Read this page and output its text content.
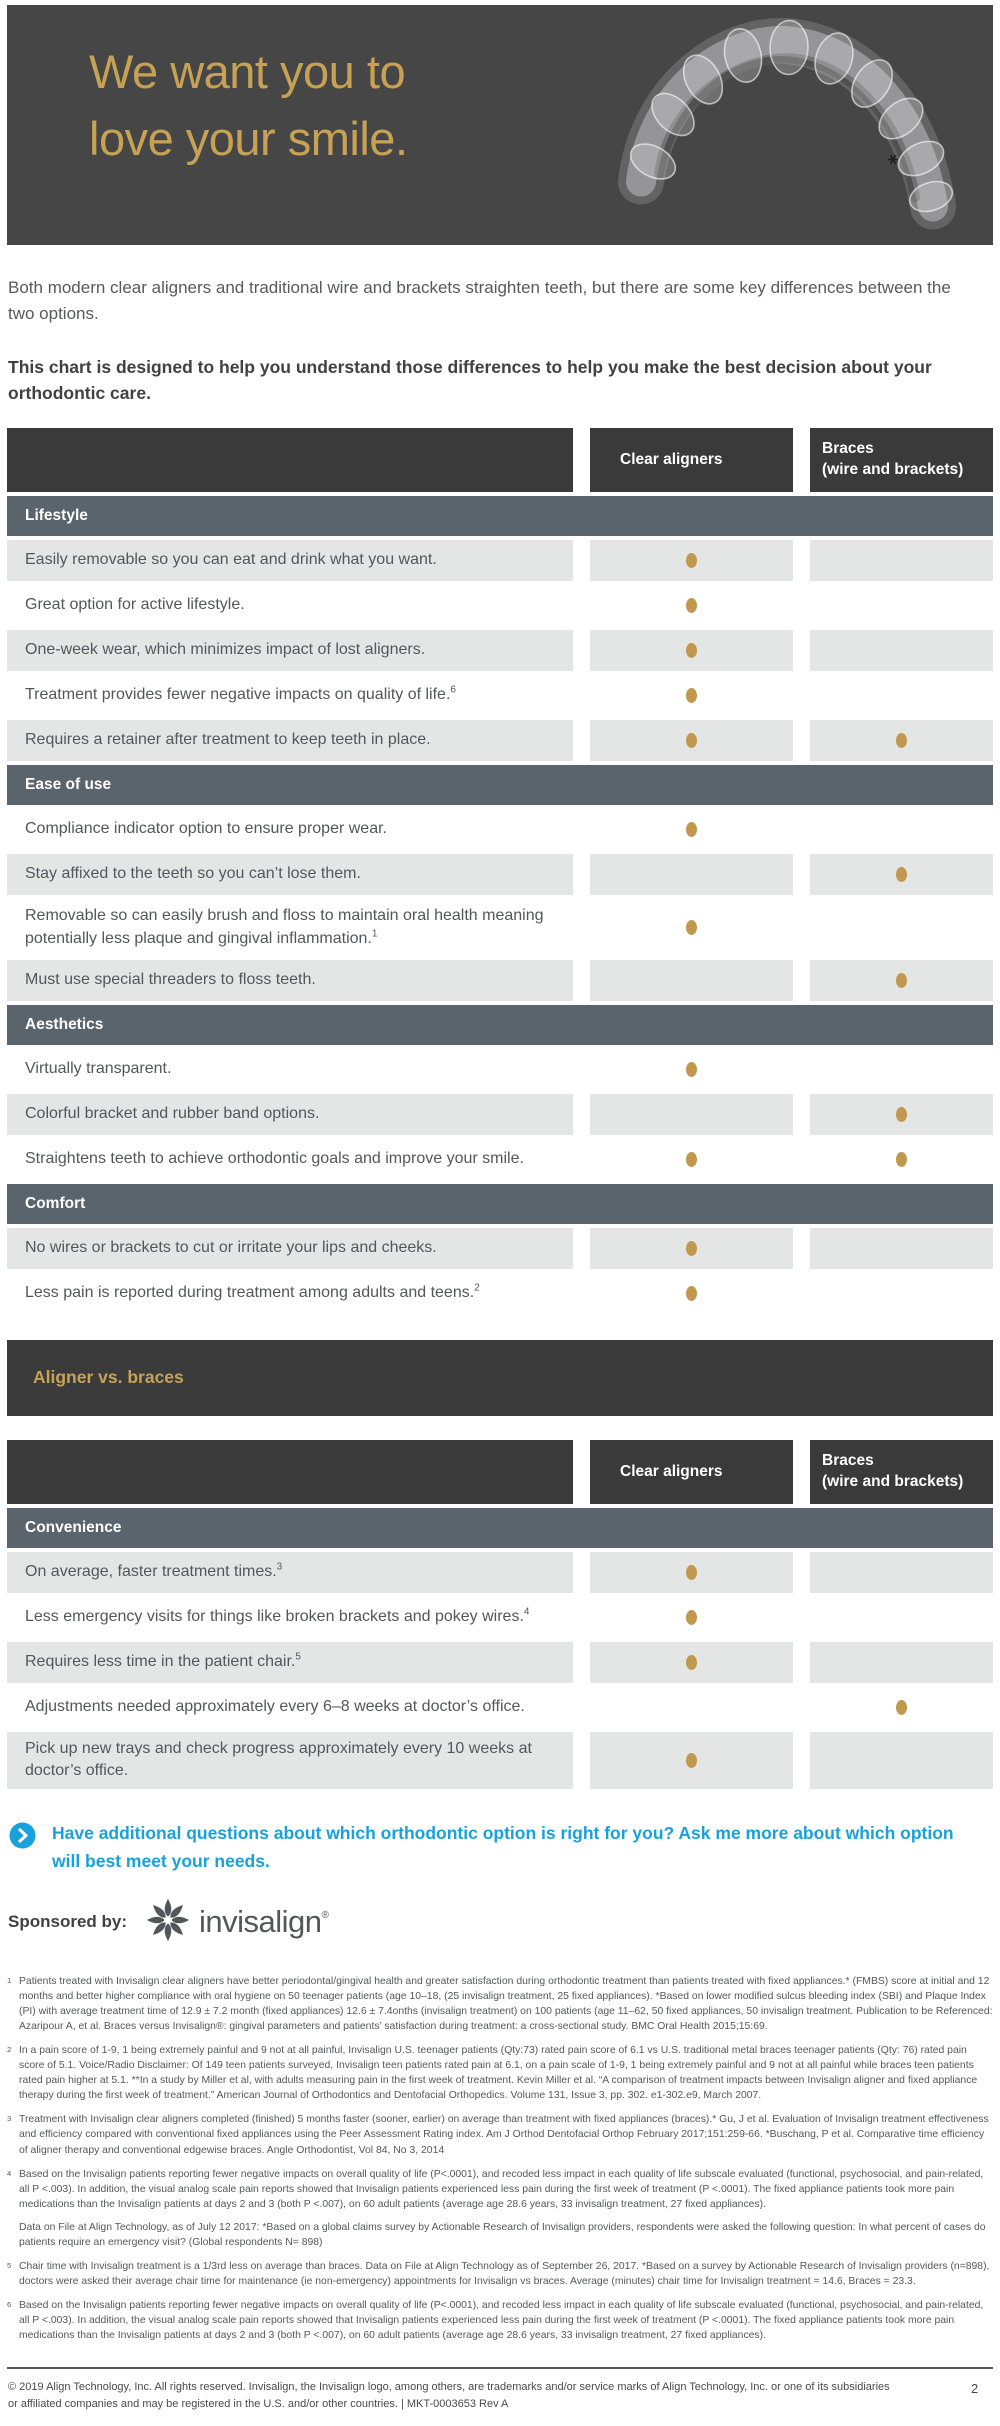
We want you to
love your smile.

Both modern clear aligners and traditional wire and brackets straighten teeth, but there are some key differences between the two options.

This chart is designed to help you understand those differences to help you make the best decision about your orthodontic care.

Clear aligners
Braces
(wire and brackets)
Lifestyle
Easily removable so you can eat and drink what you want.
Great option for active lifestyle.
One-week wear, which minimizes impact of lost aligners.
Treatment provides fewer negative impacts on quality of life.$^6$
Requires a retainer after treatment to keep teeth in place.
Ease of use
Compliance indicator option to ensure proper wear.
Stay affixed to the teeth so you can’t lose them.
Removable so can easily brush and floss to maintain oral health meaning potentially less plaque and gingival inflammation.$^1$
Must use special threaders to floss teeth.
Aesthetics
Virtually transparent.
Colorful bracket and rubber band options.
Straightens teeth to achieve orthodontic goals and improve your smile.
Comfort
No wires or brackets to cut or irritate your lips and cheeks.
Less pain is reported during treatment among adults and teens.$^2$
Aligner vs. braces
Clear aligners
Braces
(wire and brackets)
Convenience
On average, faster treatment times.$^3$
Less emergency visits for things like broken brackets and pokey wires.$^4$
Requires less time in the patient chair.$^5$
Adjustments needed approximately every 6–8 weeks at doctor’s office.
Pick up new trays and check progress approximately every 10 weeks at doctor’s office.
Have additional questions about which orthodontic option is right for you? Ask me more about which option will best meet your needs.
Sponsored by: invisalign®
1 Patients treated with Invisalign clear aligners have better periodontal/gingival health and greater satisfaction during orthodontic treatment than patients treated with fixed appliances.* (FMBS) score at initial and 12 months and better higher compliance with oral hygiene on 50 teenager patients (age 10–18, (25 invisalign treatment, 25 fixed appliances). *Based on lower modified sulcus bleeding index (SBI) and Plaque Index (PI) with average treatment time of 12.9 ± 7.2 month (fixed appliances) 12.6 ± 7.4onths (invisalign treatment) on 100 patients (age 11–62, 50 fixed appliances, 50 invisalign treatment. Publication to be Referenced: Azaripour A, et al. Braces versus Invisalign®: gingival parameters and patients’ satisfaction during treatment: a cross-sectional study. BMC Oral Health 2015;15:69.

2 In a pain score of 1-9, 1 being extremely painful and 9 not at all painful, Invisalign U.S. teenager patients (Qty:73) rated pain score of 6.1 vs U.S. traditional metal braces teenager patients (Qty: 76) rated pain score of 5.1. Voice/Radio Disclaimer: Of 149 teen patients surveyed, Invisalign teen patients rated pain at 6.1, on a pain scale of 1-9, 1 being extremely painful and 9 not at all painful while braces teen patients rated pain higher at 5.1. **In a study by Miller et al, with adults measuring pain in the first week of treatment. Kevin Miller et al. “A comparison of treatment impacts between Invisalign aligner and fixed appliance therapy during the first week of treatment.” American Journal of Orthodontics and Dentofacial Orthopedics. Volume 131, Issue 3, pp. 302. e1-302.e9, March 2007.

3 Treatment with Invisalign clear aligners completed (finished) 5 months faster (sooner, earlier) on average than treatment with fixed appliances (braces).* Gu, J et al. Evaluation of Invisalign treatment effectiveness and efficiency compared with conventional fixed appliances using the Peer Assessment Rating index. Am J Orthod Dentofacial Orthop February 2017;151:259-66. *Buschang, P et al. Comparative time efficiency of aligner therapy and conventional edgewise braces. Angle Orthodontist, Vol 84, No 3, 2014

4 Based on the Invisalign patients reporting fewer negative impacts on overall quality of life (P<.0001), and recoded less impact in each quality of life subscale evaluated (functional, psychosocial, and pain-related, all P <.003). In addition, the visual analog scale pain reports showed that Invisalign patients experienced less pain during the first week of treatment (P <.0001). The fixed appliance patients took more pain medications than the Invisalign patients at days 2 and 3 (both P <.007), on 60 adult patients (average age 28.6 years, 33 invisalign treatment, 27 fixed appliances).

Data on File at Align Technology, as of July 12 2017: *Based on a global claims survey by Actionable Research of Invisalign providers, respondents were asked the following question: In what percent of cases do patients require an emergency visit? (Global respondents N= 898)

5 Chair time with Invisalign treatment is a 1/3rd less on average than braces. Data on File at Align Technology as of September 26, 2017. *Based on a survey by Actionable Research of Invisalign providers (n=898), doctors were asked their average chair time for maintenance (ie non-emergency) appointments for Invisalign vs braces. Average (minutes) chair time for Invisalign treatment = 14.6, Braces = 23.3.

6 Based on the Invisalign patients reporting fewer negative impacts on overall quality of life (P<.0001), and recoded less impact in each quality of life subscale evaluated (functional, psychosocial, and pain-related, all P <.003). In addition, the visual analog scale pain reports showed that Invisalign patients experienced less pain during the first week of treatment (P <.0001). The fixed appliance patients took more pain medications than the Invisalign patients at days 2 and 3 (both P <.007), on 60 adult patients (average age 28.6 years, 33 invisalign treatment, 27 fixed appliances).

© 2019 Align Technology, Inc. All rights reserved. Invisalign, the Invisalign logo, among others, are trademarks and/or service marks of Align Technology, Inc. or one of its subsidiaries
or affiliated companies and may be registered in the U.S. and/or other countries. | MKT-0003653 Rev A
2
